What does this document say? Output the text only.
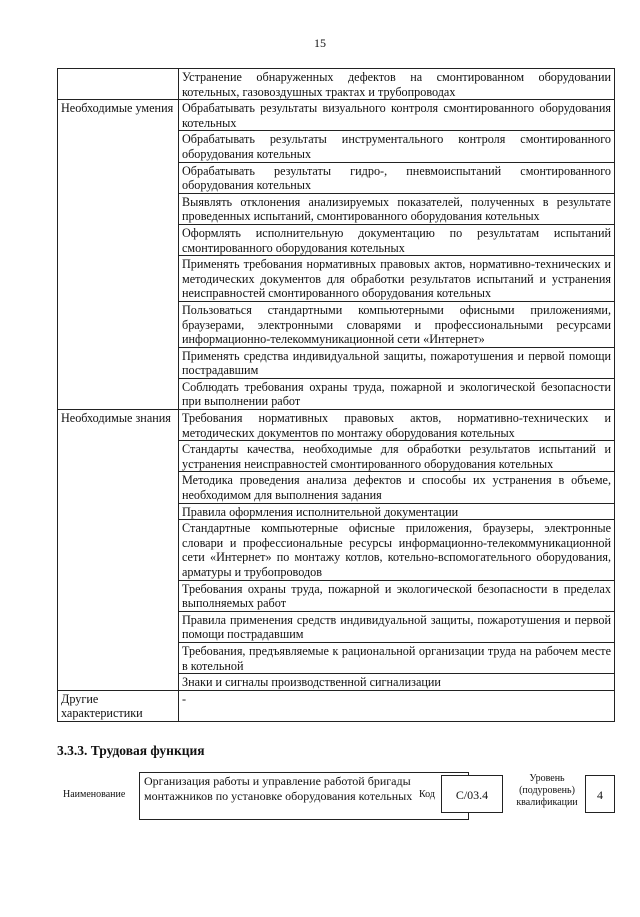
15
	Устранение обнаруженных дефектов на смонтированном оборудовании котельных, газовоздушных трактах и трубопроводах
Необходимые умения	Обрабатывать результаты визуального контроля смонтированного оборудования котельных
	Обрабатывать результаты инструментального контроля смонтированного оборудования котельных
	Обрабатывать результаты гидро-, пневмоиспытаний смонтированного оборудования котельных
	Выявлять отклонения анализируемых показателей, полученных в результате проведенных испытаний, смонтированного оборудования котельных
	Оформлять исполнительную документацию по результатам испытаний смонтированного оборудования котельных
	Применять требования нормативных правовых актов, нормативно-технических и методических документов для обработки результатов испытаний и устранения неисправностей смонтированного оборудования котельных
	Пользоваться стандартными компьютерными офисными приложениями, браузерами, электронными словарями и профессиональными ресурсами информационно-телекоммуникационной сети «Интернет»
	Применять средства индивидуальной защиты, пожаротушения и первой помощи пострадавшим
	Соблюдать требования охраны труда, пожарной и экологической безопасности при выполнении работ
Необходимые знания	Требования нормативных правовых актов, нормативно-технических и методических документов по монтажу оборудования котельных
	Стандарты качества, необходимые для обработки результатов испытаний и устранения неисправностей смонтированного оборудования котельных
	Методика проведения анализа дефектов и способы их устранения в объеме, необходимом для выполнения задания
	Правила оформления исполнительной документации
	Стандартные компьютерные офисные приложения, браузеры, электронные словари и профессиональные ресурсы информационно-телекоммуникационной сети «Интернет» по монтажу котлов, котельно-вспомогательного оборудования, арматуры и трубопроводов
	Требования охраны труда, пожарной и экологической безопасности в пределах выполняемых работ
	Правила применения средств индивидуальной защиты, пожаротушения и первой помощи пострадавшим
	Требования, предъявляемые к рациональной организации труда на рабочем месте в котельной
	Знаки и сигналы производственной сигнализации
Другие характеристики	-
3.3.3. Трудовая функция
Наименование
Организация работы и управление работой бригады монтажников по установке оборудования котельных Код	C/03.4
Уровень (подуровень) квалификации
4
